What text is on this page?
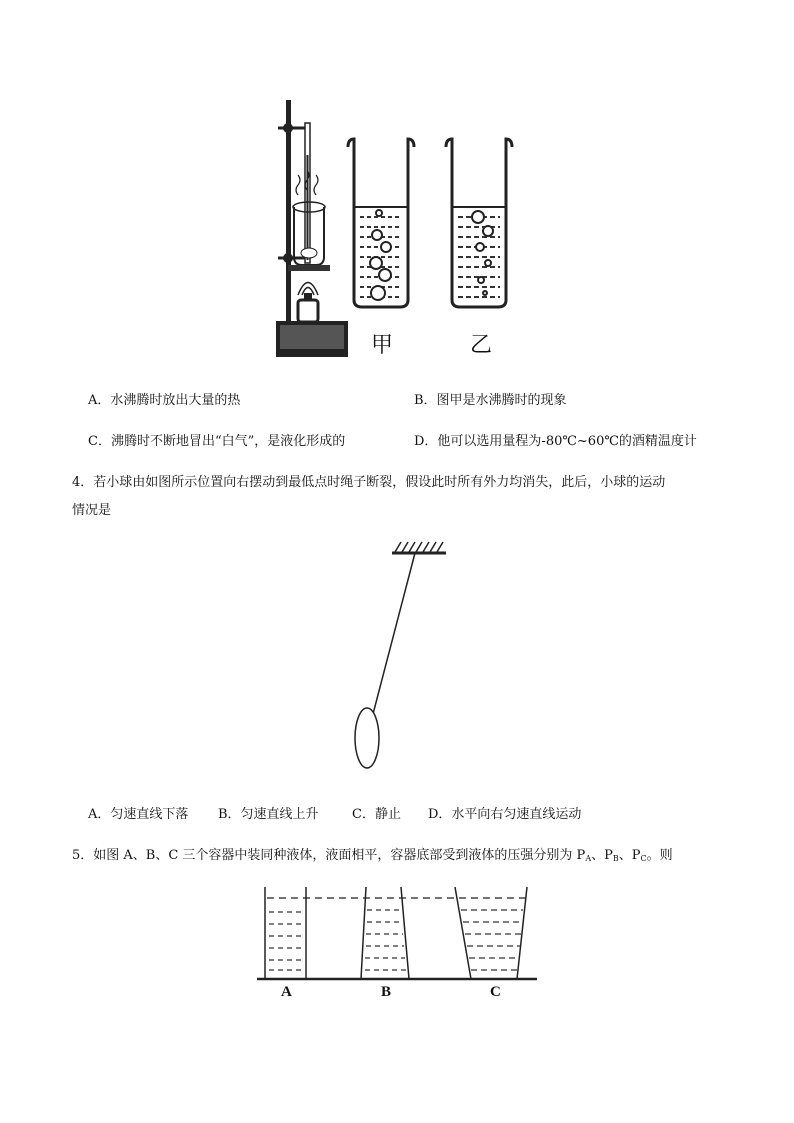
甲	乙
A．水沸腾时放出大量的热	B．图甲是水沸腾时的现象
C．沸腾时不断地冒出“白气”，是液化形成的	D．他可以选用量程为-80℃~60℃的酒精温度计
4．若小球由如图所示位置向右摆动到最低点时绳子断裂，假设此时所有外力均消失，此后，小球的运动
情况是
A．匀速直线下落 B．匀速直线上升	C．静止 D．水平向右匀速直线运动
5．如图 A、B、C 三个容器中装同种液体，液面相平，容器底部受到液体的压强分别为 $P_A$、$P_B$、$P_C$。则
A	B	C
